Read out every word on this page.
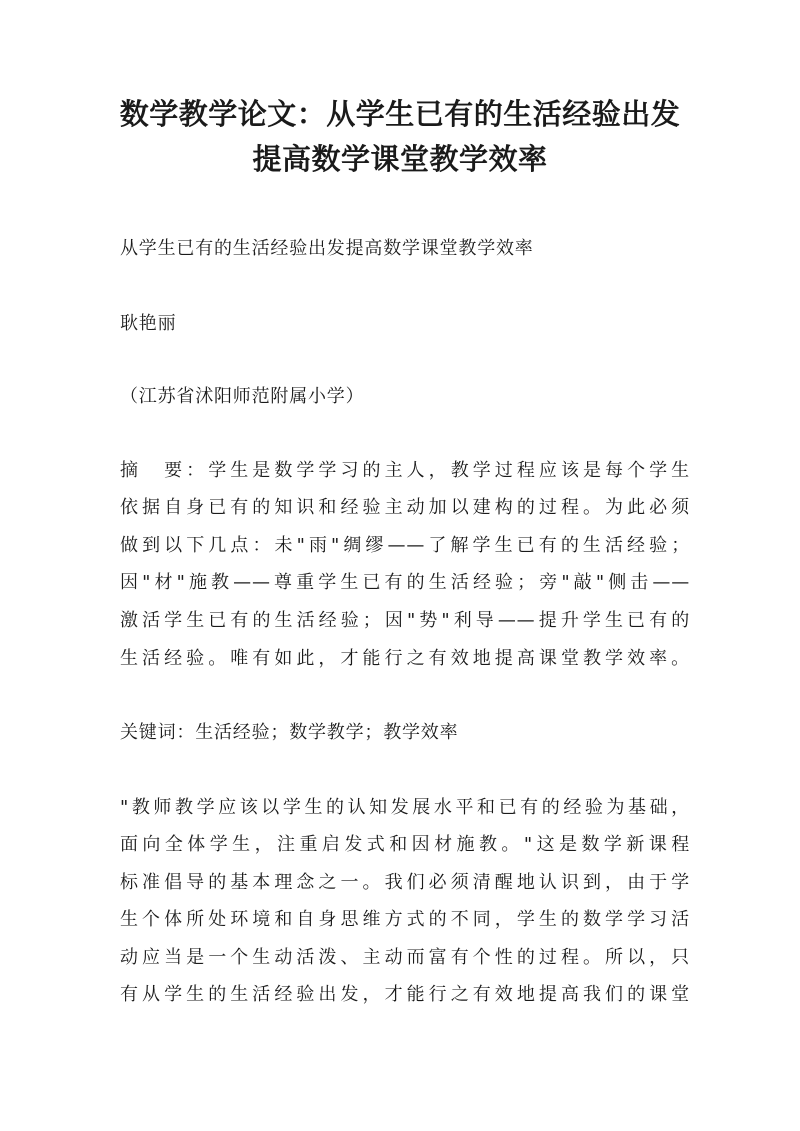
数学教学论文：从学生已有的生活经验出发
提高数学课堂教学效率
从学生已有的生活经验出发提高数学课堂教学效率
耿艳丽
（江苏省沭阳师范附属小学）
摘　要：学生是数学学习的主人，教学过程应该是每个学生
依据自身已有的知识和经验主动加以建构的过程。为此必须
做到以下几点：未"雨"绸缪——了解学生已有的生活经验；
因"材"施教——尊重学生已有的生活经验；旁"敲"侧击——
激活学生已有的生活经验；因"势"利导——提升学生已有的
生活经验。唯有如此，才能行之有效地提高课堂教学效率。
关键词：生活经验；数学教学；教学效率
"教师教学应该以学生的认知发展水平和已有的经验为基础，
面向全体学生，注重启发式和因材施教。"这是数学新课程
标准倡导的基本理念之一。我们必须清醒地认识到，由于学
生个体所处环境和自身思维方式的不同，学生的数学学习活
动应当是一个生动活泼、主动而富有个性的过程。所以，只
有从学生的生活经验出发，才能行之有效地提高我们的课堂
